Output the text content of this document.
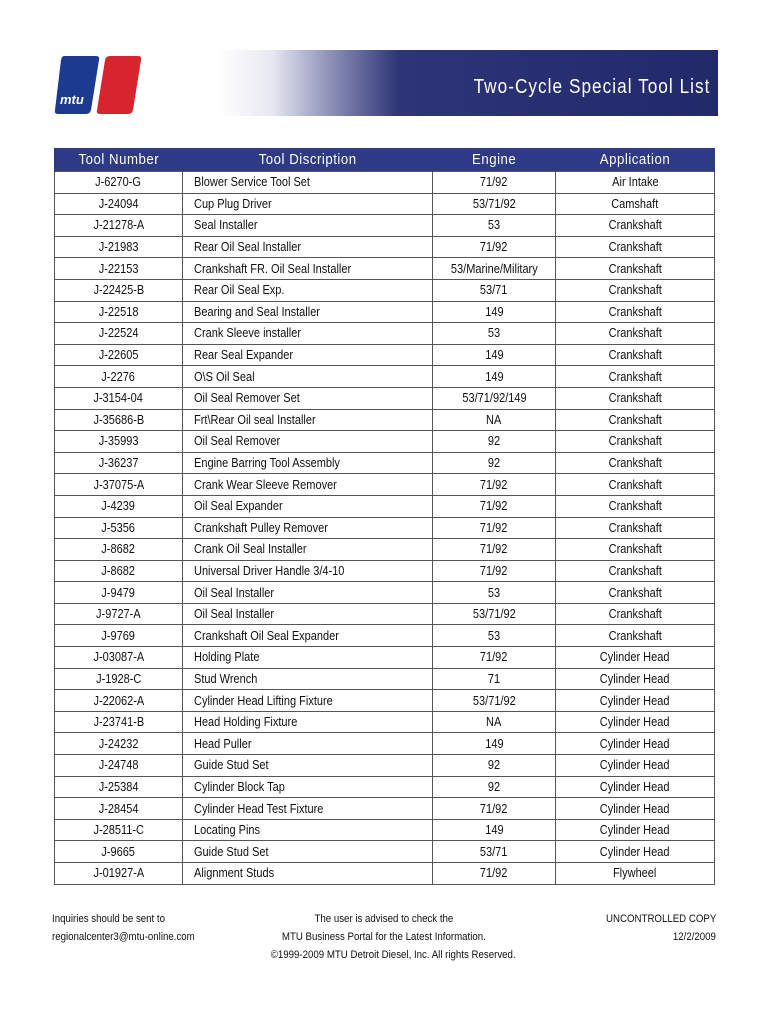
mtu
Two-Cycle Special Tool List
Tool Number	Tool Discription	Engine	Application
J-6270-G	Blower Service Tool Set	71/92	Air Intake
J-24094	Cup Plug Driver	53/71/92	Camshaft
J-21278-A	Seal Installer	53	Crankshaft
J-21983	Rear Oil Seal Installer	71/92	Crankshaft
J-22153	Crankshaft FR. Oil Seal Installer	53/Marine/Military	Crankshaft
J-22425-B	Rear Oil Seal Exp.	53/71	Crankshaft
J-22518	Bearing and Seal Installer	149	Crankshaft
J-22524	Crank Sleeve installer	53	Crankshaft
J-22605	Rear Seal Expander	149	Crankshaft
J-2276	O\S Oil Seal	149	Crankshaft
J-3154-04	Oil Seal Remover Set	53/71/92/149	Crankshaft
J-35686-B	Frt\Rear Oil seal Installer	NA	Crankshaft
J-35993	Oil Seal Remover	92	Crankshaft
J-36237	Engine Barring Tool Assembly	92	Crankshaft
J-37075-A	Crank Wear Sleeve Remover	71/92	Crankshaft
J-4239	Oil Seal Expander	71/92	Crankshaft
J-5356	Crankshaft Pulley Remover	71/92	Crankshaft
J-8682	Crank Oil Seal Installer	71/92	Crankshaft
J-8682	Universal Driver Handle 3/4-10	71/92	Crankshaft
J-9479	Oil Seal Installer	53	Crankshaft
J-9727-A	Oil Seal Installer	53/71/92	Crankshaft
J-9769	Crankshaft Oil Seal Expander	53	Crankshaft
J-03087-A	Holding Plate	71/92	Cylinder Head
J-1928-C	Stud Wrench	71	Cylinder Head
J-22062-A	Cylinder Head Lifting Fixture	53/71/92	Cylinder Head
J-23741-B	Head Holding Fixture	NA	Cylinder Head
J-24232	Head Puller	149	Cylinder Head
J-24748	Guide Stud Set	92	Cylinder Head
J-25384	Cylinder Block Tap	92	Cylinder Head
J-28454	Cylinder Head Test Fixture	71/92	Cylinder Head
J-28511-C	Locating Pins	149	Cylinder Head
J-9665	Guide Stud Set	53/71	Cylinder Head
J-01927-A	Alignment Studs	71/92	Flywheel
Inquiries should be sent to
regionalcenter3@mtu-online.com
The user is advised to check the
MTU Business Portal for the Latest Information.
©1999-2009 MTU Detroit Diesel, Inc. All rights Reserved.
UNCONTROLLED COPY
12/2/2009
